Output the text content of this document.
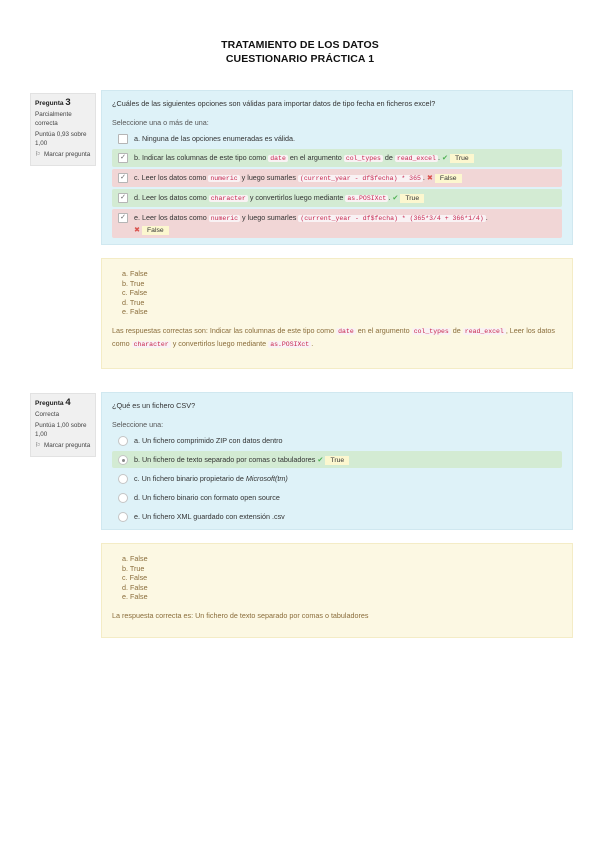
TRATAMIENTO DE LOS DATOS
CUESTIONARIO PRÁCTICA 1
Pregunta 3
Parcialmente correcta
Puntúa 0,93 sobre 1,00
⚐ Marcar pregunta
¿Cuáles de las siguientes opciones son válidas para importar datos de tipo fecha en ficheros excel?
Seleccione una o más de una:
a. Ninguna de las opciones enumeradas es válida.
✓ b. Indicar las columnas de este tipo como date en el argumento col_types de read_excel . ✔ True
✓ c. Leer los datos como numeric y luego sumarles (current_year - df$fecha) * 365 . ✖ False
✓ d. Leer los datos como character y convertirlos luego mediante as.POSIXct . ✔ True
✓ e. Leer los datos como numeric y luego sumarles (current_year - df$fecha) * (365*3/4 + 366*1/4) .
✖ False
a. False
b. True
c. False
d. True
e. False
Las respuestas correctas son: Indicar las columnas de este tipo como date en el argumento col_types de read_excel , Leer los datos como character y convertirlos luego mediante as.POSIXct .
Pregunta 4
Correcta
Puntúa 1,00 sobre 1,00
⚐ Marcar pregunta
¿Qué es un fichero CSV?
Seleccione una:
a. Un fichero comprimido ZIP con datos dentro
b. Un fichero de texto separado por comas o tabuladores ✔ True
c. Un fichero binario propietario de Microsoft(tm)
d. Un fichero binario con formato open source
e. Un fichero XML guardado con extensión .csv
a. False
b. True
c. False
d. False
e. False
La respuesta correcta es: Un fichero de texto separado por comas o tabuladores
